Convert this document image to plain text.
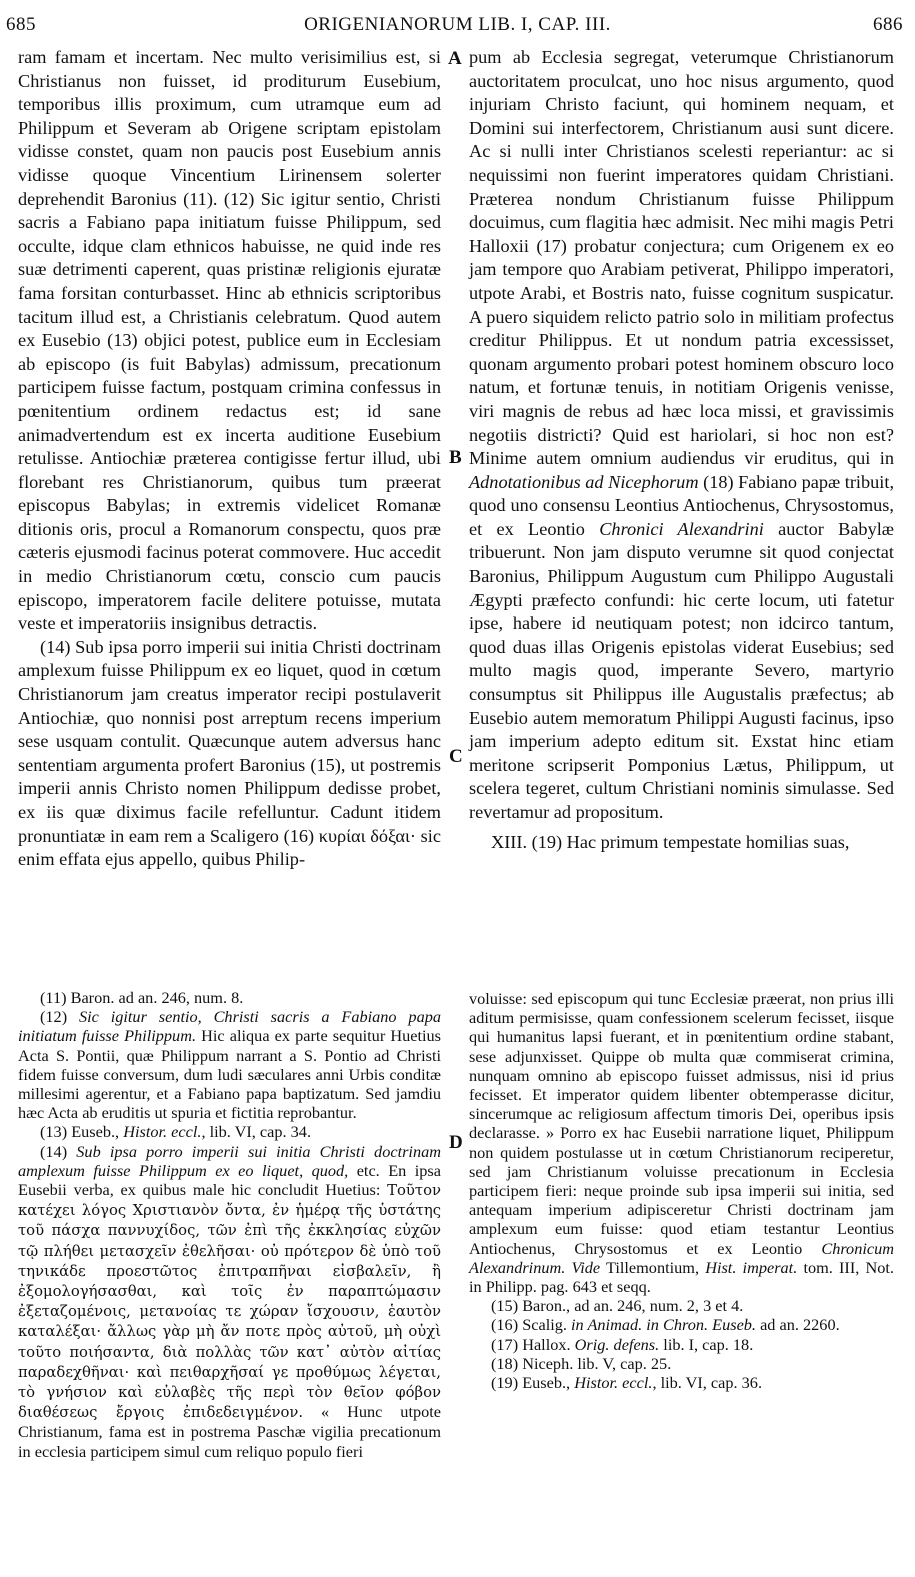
685	ORIGENIANORUM LIB. I, CAP. III.	686
A
B
C
D

ram famam et incertam. Nec multo verisimilius est, si Christianus non fuisset, id proditurum Eusebium, temporibus illis proximum, cum utramque eum ad Philippum et Severam ab Origene scriptam epistolam vidisse constet, quam non paucis post Eusebium annis vidisse quoque Vincentium Lirinensem solerter deprehendit Baronius (11). (12) Sic igitur sentio, Christi sacris a Fabiano papa initiatum fuisse Philippum, sed occulte, idque clam ethnicos habuisse, ne quid inde res suæ detrimenti caperent, quas pristinæ religionis ejuratæ fama forsitan conturbasset. Hinc ab ethnicis scriptoribus tacitum illud est, a Christianis celebratum. Quod autem ex Eusebio (13) objici potest, publice eum in Ecclesiam ab episcopo (is fuit Babylas) admissum, precationum participem fuisse factum, postquam crimina confessus in pœnitentium ordinem redactus est; id sane animadvertendum est ex incerta auditione Eusebium retulisse. Antiochiæ præterea contigisse fertur illud, ubi florebant res Christianorum, quibus tum præerat episcopus Babylas; in extremis videlicet Romanæ ditionis oris, procul a Romanorum conspectu, quos præ cæteris ejusmodi facinus poterat commovere. Huc accedit in medio Christianorum cœtu, conscio cum paucis episcopo, imperatorem facile delitere potuisse, mutata veste et imperatoriis insignibus detractis.

(14) Sub ipsa porro imperii sui initia Christi doctrinam amplexum fuisse Philippum ex eo liquet, quod in cœtum Christianorum jam creatus imperator recipi postulaverit Antiochiæ, quo nonnisi post arreptum recens imperium sese usquam contulit. Quæcunque autem adversus hanc sententiam argumenta profert Baronius (15), ut postremis imperii annis Christo nomen Philippum dedisse probet, ex iis quæ diximus facile refelluntur. Cadunt itidem pronuntiatæ in eam rem a Scaligero (16) κυρίαι δόξαι· sic enim effata ejus appello, quibus Philip-

pum ab Ecclesia segregat, veterumque Christianorum auctoritatem proculcat, uno hoc nisus argumento, quod injuriam Christo faciunt, qui hominem nequam, et Domini sui interfectorem, Christianum ausi sunt dicere. Ac si nulli inter Christianos scelesti reperiantur: ac si nequissimi non fuerint imperatores quidam Christiani. Præterea nondum Christianum fuisse Philippum docuimus, cum flagitia hæc admisit. Nec mihi magis Petri Halloxii (17) probatur conjectura; cum Origenem ex eo jam tempore quo Arabiam petiverat, Philippo imperatori, utpote Arabi, et Bostris nato, fuisse cognitum suspicatur. A puero siquidem relicto patrio solo in militiam profectus creditur Philippus. Et ut nondum patria excessisset, quonam argumento probari potest hominem obscuro loco natum, et fortunæ tenuis, in notitiam Origenis venisse, viri magnis de rebus ad hæc loca missi, et gravissimis negotiis districti? Quid est hariolari, si hoc non est? Minime autem omnium audiendus vir eruditus, qui in Adnotationibus ad Nicephorum (18) Fabiano papæ tribuit, quod uno consensu Leontius Antiochenus, Chrysostomus, et ex Leontio Chronici Alexandrini auctor Babylæ tribuerunt. Non jam disputo verumne sit quod conjectat Baronius, Philippum Augustum cum Philippo Augustali Ægypti præfecto confundi: hic certe locum, uti fatetur ipse, habere id neutiquam potest; non idcirco tantum, quod duas illas Origenis epistolas viderat Eusebius; sed multo magis quod, imperante Severo, martyrio consumptus sit Philippus ille Augustalis præfectus; ab Eusebio autem memoratum Philippi Augusti facinus, ipso jam imperium adepto editum sit. Exstat hinc etiam meritone scripserit Pomponius Lætus, Philippum, ut scelera tegeret, cultum Christiani nominis simulasse. Sed revertamur ad propositum.

XIII. (19) Hac primum tempestate homilias suas,

(11) Baron. ad an. 246, num. 8.

(12) Sic igitur sentio, Christi sacris a Fabiano papa initiatum fuisse Philippum. Hic aliqua ex parte sequitur Huetius Acta S. Pontii, quæ Philippum narrant a S. Pontio ad Christi fidem fuisse conversum, dum ludi sæculares anni Urbis conditæ millesimi agerentur, et a Fabiano papa baptizatum. Sed jamdiu hæc Acta ab eruditis ut spuria et fictitia reprobantur.

(13) Euseb., Histor. eccl., lib. VI, cap. 34.

(14) Sub ipsa porro imperii sui initia Christi doctrinam amplexum fuisse Philippum ex eo liquet, quod, etc. En ipsa Eusebii verba, ex quibus male hic concludit Huetius: Τοῦτον κατέχει λόγος Χριστιανὸν ὄντα, ἐν ἡμέρᾳ τῆς ὑστάτης τοῦ πάσχα παννυχίδος, τῶν ἐπὶ τῆς ἐκκλησίας εὐχῶν τῷ πλήθει μετασχεῖν ἐθελῆσαι· οὐ πρότερον δὲ ὑπὸ τοῦ τηνικάδε προεστῶτος ἐπιτραπῆναι εἰσβαλεῖν, ἢ ἐξομολογήσασθαι, καὶ τοῖς ἐν παραπτώμασιν ἐξεταζομένοις, μετανοίας τε χώραν ἴσχουσιν, ἑαυτὸν καταλέξαι· ἄλλως γὰρ μὴ ἄν ποτε πρὸς αὐτοῦ, μὴ οὐχὶ τοῦτο ποιήσαντα, διὰ πολλὰς τῶν κατ᾽ αὐτὸν αἰτίας παραδεχθῆναι· καὶ πειθαρχῆσαί γε προθύμως λέγεται, τὸ γνήσιον καὶ εὐλαβὲς τῆς περὶ τὸν θεῖον φόβον διαθέσεως ἔργοις ἐπιδεδειγμένον. « Hunc utpote Christianum, fama est in postrema Paschæ vigilia precationum in ecclesia participem simul cum reliquo populo fieri

voluisse: sed episcopum qui tunc Ecclesiæ præerat, non prius illi aditum permisisse, quam confessionem scelerum fecisset, iisque qui humanitus lapsi fuerant, et in pœnitentium ordine stabant, sese adjunxisset. Quippe ob multa quæ commiserat crimina, nunquam omnino ab episcopo fuisset admissus, nisi id prius fecisset. Et imperator quidem libenter obtemperasse dicitur, sincerumque ac religiosum affectum timoris Dei, operibus ipsis declarasse. » Porro ex hac Eusebii narratione liquet, Philippum non quidem postulasse ut in cœtum Christianorum reciperetur, sed jam Christianum voluisse precationum in Ecclesia participem fieri: neque proinde sub ipsa imperii sui initia, sed antequam imperium adipisceretur Christi doctrinam jam amplexum eum fuisse: quod etiam testantur Leontius Antiochenus, Chrysostomus et ex Leontio Chronicum Alexandrinum. Vide Tillemontium, Hist. imperat. tom. III, Not. in Philipp. pag. 643 et seqq.

(15) Baron., ad an. 246, num. 2, 3 et 4.

(16) Scalig. in Animad. in Chron. Euseb. ad an. 2260.

(17) Hallox. Orig. defens. lib. I, cap. 18.

(18) Niceph. lib. V, cap. 25.

(19) Euseb., Histor. eccl., lib. VI, cap. 36.
